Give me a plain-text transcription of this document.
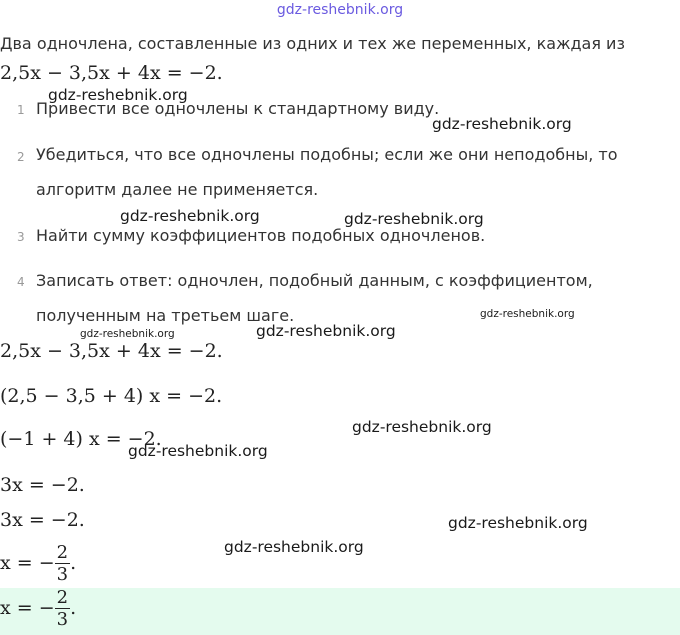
gdz-reshebnik.org
Два одночлена, составленные из одних и тех же переменных, каждая из
2,5x − 3,5x + 4x = −2.
1 Привести все одночлены к стандартному виду.
2 Убедиться, что все одночлены подобны; если же они неподобны, то
алгоритм далее не применяется.
3 Найти сумму коэффициентов подобных одночленов.
4 Записать ответ: одночлен, подобный данным, с коэффициентом,
полученным на третьем шаге.
2,5x − 3,5x + 4x = −2.
(2,5 − 3,5 + 4) x = −2.
(−1 + 4) x = −2.
3x = −2.
3x = −2.
x = − $\frac{2}{3}$ .
x = − $\frac{2}{3}$ .
gdz-reshebnik.org
gdz-reshebnik.org
gdz-reshebnik.org	gdz-reshebnik.org
gdz-reshebnik.org
gdz-reshebnik.org	gdz-reshebnik.org
gdz-reshebnik.org
gdz-reshebnik.org
gdz-reshebnik.org
gdz-reshebnik.org
